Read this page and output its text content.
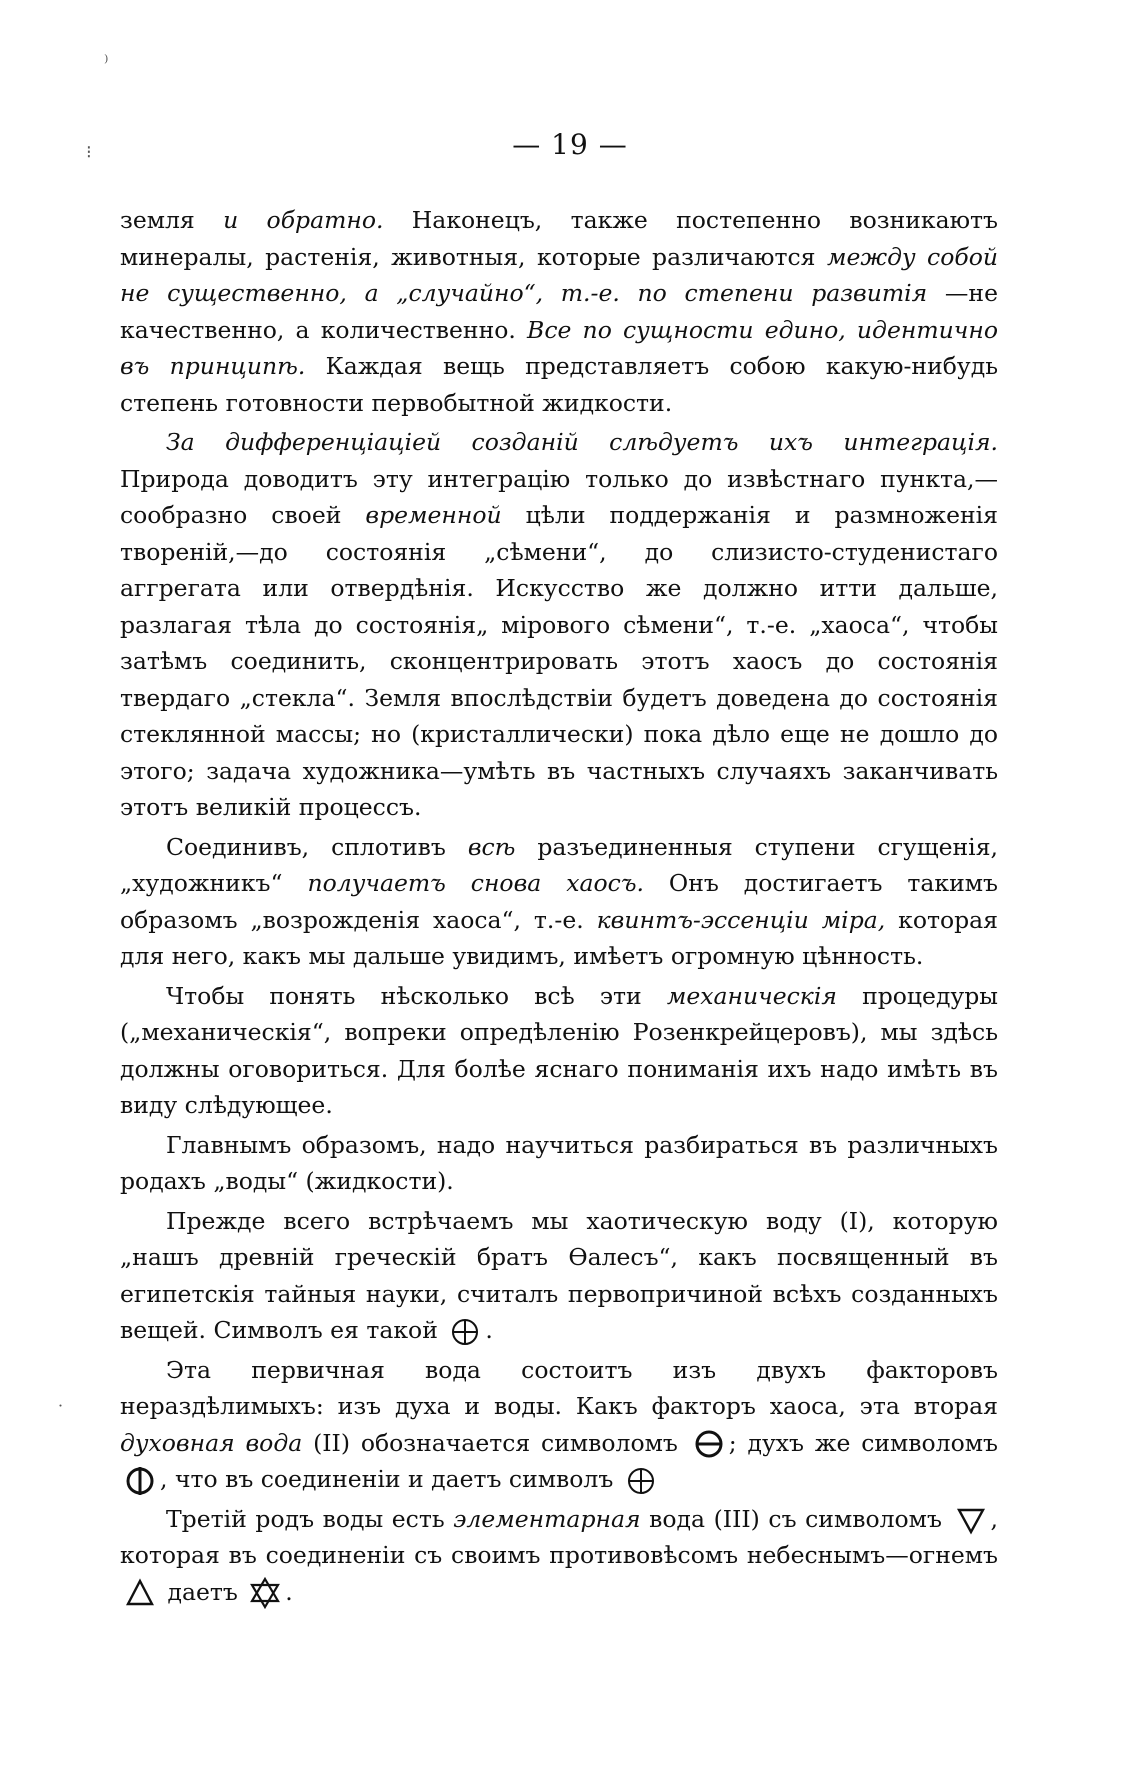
— 19 —
⁾
⁝
˙

земля и обратно. Наконецъ, также постепенно возникаютъ минералы, растенія, животныя, которые различаются между собой не существенно, а „случайно“, т.-е. по степени развитія —не качественно, а количественно. Все по сущности едино, идентично въ принципѣ. Каждая вещь представляетъ собою какую-нибудь степень готовности первобытной жидкости.

За дифференціаціей созданій слѣдуетъ ихъ интеграція. Природа доводитъ эту интеграцію только до извѣстнаго пункта,—сообразно своей временной цѣли поддержанія и размноженія твореній,—до состоянія „сѣмени“, до слизисто-студенистаго аггрегата или отвердѣнія. Искусство же должно итти дальше, разлагая тѣла до состоянія„ мірового сѣмени“, т.-е. „хаоса“, чтобы затѣмъ соединить, сконцентрировать этотъ хаосъ до состоянія твердаго „стекла“. Земля впослѣдствіи будетъ доведена до состоянія стеклянной массы; но (кристаллически) пока дѣло еще не дошло до этого; задача художника—умѣть въ частныхъ случаяхъ заканчивать этотъ великій процессъ.

Соединивъ, сплотивъ всѣ разъединенныя ступени сгущенія, „художникъ“ получаетъ снова хаосъ. Онъ достигаетъ такимъ образомъ „возрожденія хаоса“, т.-е. квинтъ-эссенціи міра, которая для него, какъ мы дальше увидимъ, имѣетъ огромную цѣнность.

Чтобы понять нѣсколько всѣ эти механическія процедуры („механическія“, вопреки опредѣленію Розенкрейцеровъ), мы здѣсь должны оговориться. Для болѣе яснаго пониманія ихъ надо имѣть въ виду слѣдующее.

Главнымъ образомъ, надо научиться разбираться въ различныхъ родахъ „воды“ (жидкости).

Прежде всего встрѣчаемъ мы хаотическую воду (I), которую „нашъ древній греческій братъ Өалесъ“, какъ посвященный въ египетскія тайныя науки, считалъ первопричиной всѣхъ созданныхъ вещей. Символъ ея такой
.

Эта первичная вода состоитъ изъ двухъ факторовъ нераздѣлимыхъ: изъ духа и воды. Какъ факторъ хаоса, эта вторая духовная вода (II) обозначается символомъ
; духъ же символомъ
, что въ соединеніи и даетъ символъ

Третій родъ воды есть элементарная вода (III) съ символомъ
, которая въ соединеніи съ своимъ противовѣсомъ небеснымъ—огнемъ
даетъ
.
